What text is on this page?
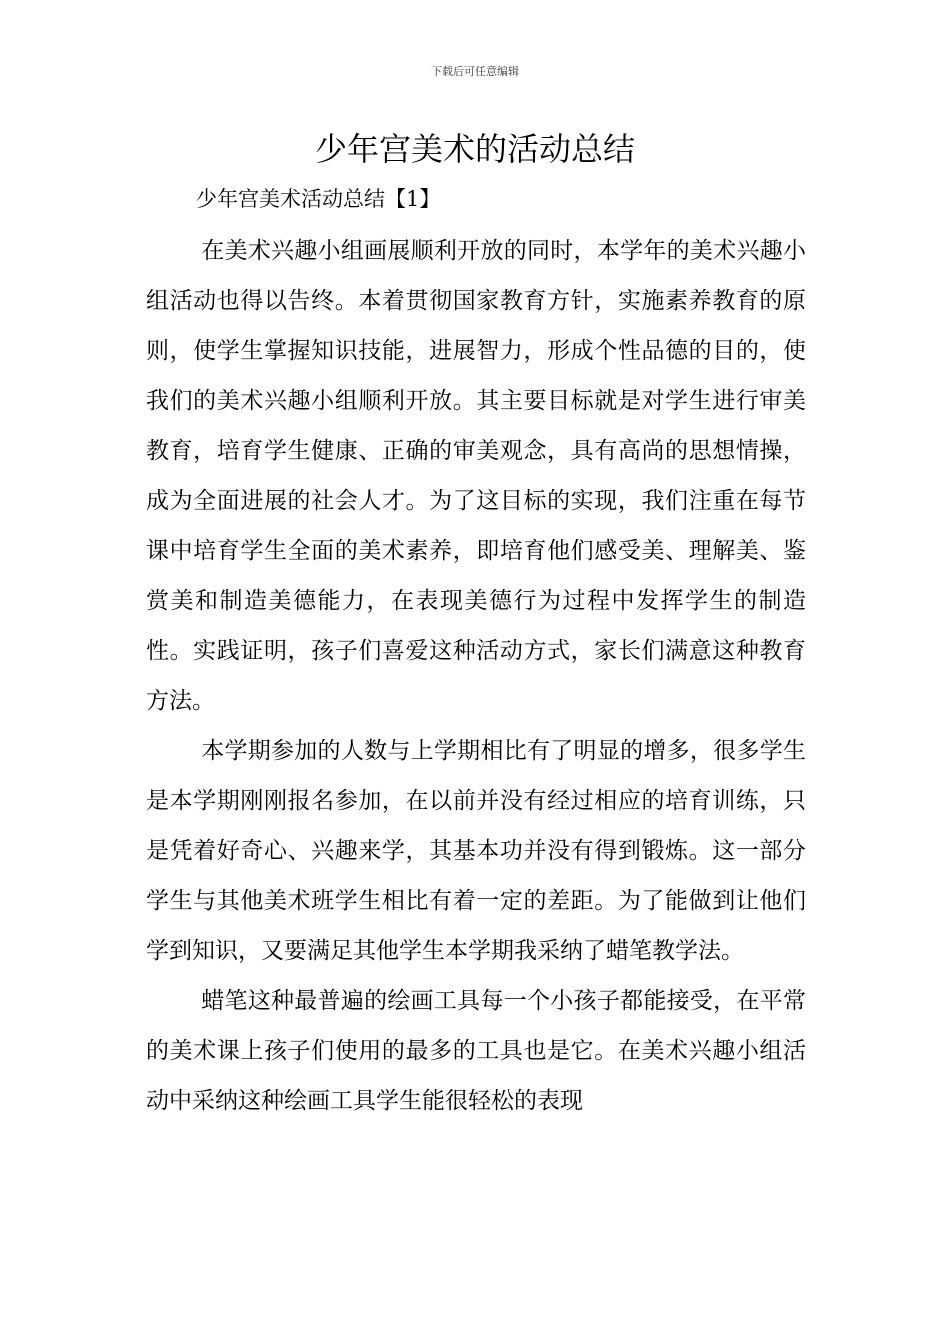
下载后可任意编辑
少年宫美术的活动总结
少年宫美术活动总结【1】

在美术兴趣小组画展顺利开放的同时，本学年的美术兴趣小组活动也得以告终。本着贯彻国家教育方针，实施素养教育的原则，使学生掌握知识技能，进展智力，形成个性品德的目的，使我们的美术兴趣小组顺利开放。其主要目标就是对学生进行审美教育，培育学生健康、正确的审美观念，具有高尚的思想情操，成为全面进展的社会人才。为了这目标的实现，我们注重在每节课中培育学生全面的美术素养，即培育他们感受美、理解美、鉴赏美和制造美德能力，在表现美德行为过程中发挥学生的制造性。实践证明，孩子们喜爱这种活动方式，家长们满意这种教育方法。

本学期参加的人数与上学期相比有了明显的增多，很多学生是本学期刚刚报名参加，在以前并没有经过相应的培育训练，只是凭着好奇心、兴趣来学，其基本功并没有得到锻炼。这一部分学生与其他美术班学生相比有着一定的差距。为了能做到让他们学到知识，又要满足其他学生本学期我采纳了蜡笔教学法。

蜡笔这种最普遍的绘画工具每一个小孩子都能接受，在平常的美术课上孩子们使用的最多的工具也是它。在美术兴趣小组活动中采纳这种绘画工具学生能很轻松的表现
